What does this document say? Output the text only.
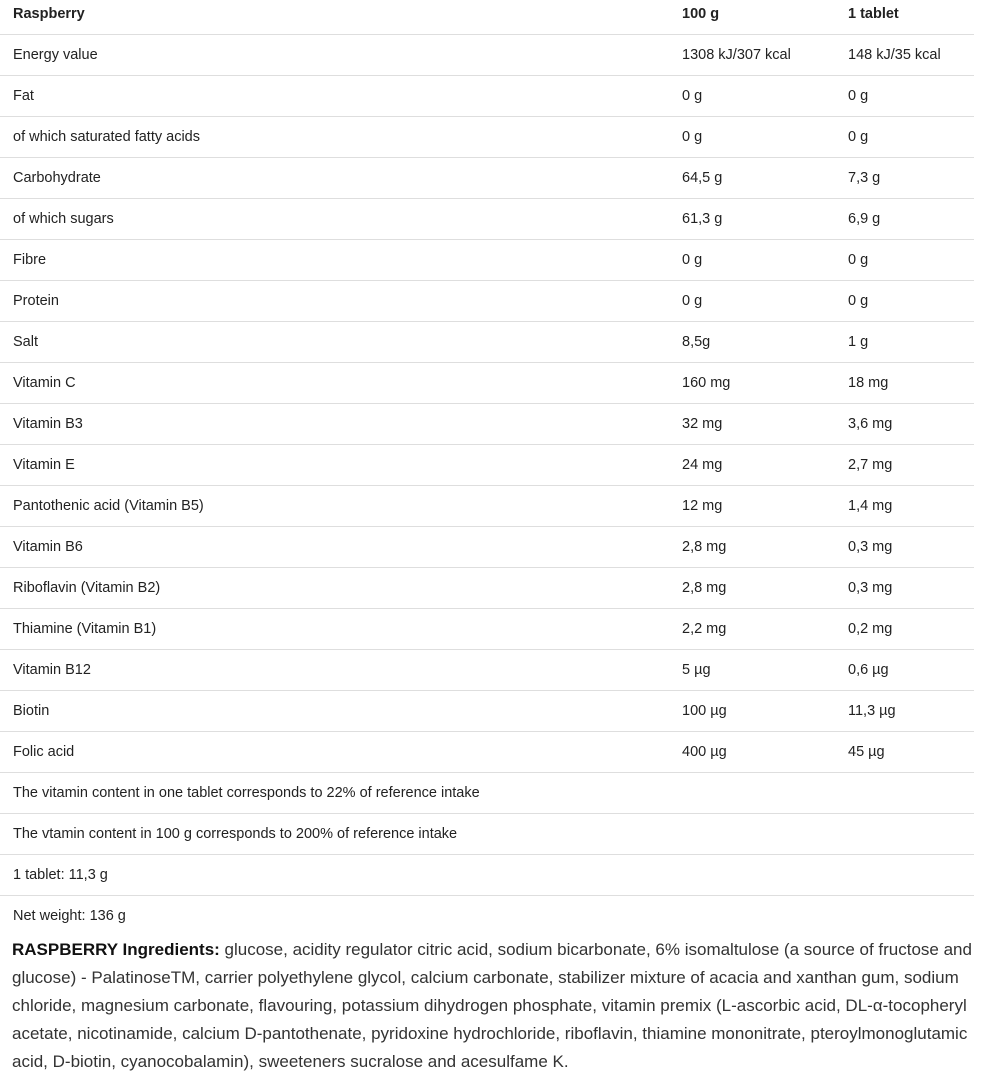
Raspberry	100 g	1 tablet
Energy value	1308 kJ/307 kcal	148 kJ/35 kcal
Fat	0 g	0 g
of which saturated fatty acids	0 g	0 g
Carbohydrate	64,5 g	7,3 g
of which sugars	61,3 g	6,9 g
Fibre	0 g	0 g
Protein	0 g	0 g
Salt	8,5g	1 g
Vitamin C	160 mg	18 mg
Vitamin B3	32 mg	3,6 mg
Vitamin E	24 mg	2,7 mg
Pantothenic acid (Vitamin B5)	12 mg	1,4 mg
Vitamin B6	2,8 mg	0,3 mg
Riboflavin (Vitamin B2)	2,8 mg	0,3 mg
Thiamine (Vitamin B1)	2,2 mg	0,2 mg
Vitamin B12	5 µg	0,6 µg
Biotin	100 µg	11,3 µg
Folic acid	400 µg	45 µg
The vitamin content in one tablet corresponds to 22% of reference intake		
The vtamin content in 100 g corresponds to 200% of reference intake		
1 tablet: 11,3 g		
Net weight: 136 g		
RASPBERRY Ingredients: glucose, acidity regulator citric acid, sodium bicarbonate, 6% isomaltulose (a source of fructose and glucose) - PalatinoseTM, carrier polyethylene glycol, calcium carbonate, stabilizer mixture of acacia and xanthan gum, sodium chloride, magnesium carbonate, flavouring, potassium dihydrogen phosphate, vitamin premix (L-ascorbic acid, DL-α-tocopheryl acetate, nicotinamide, calcium D-pantothenate, pyridoxine hydrochloride, riboflavin, thiamine mononitrate, pteroylmonoglutamic acid, D-biotin, cyanocobalamin), sweeteners sucralose and acesulfame K.
